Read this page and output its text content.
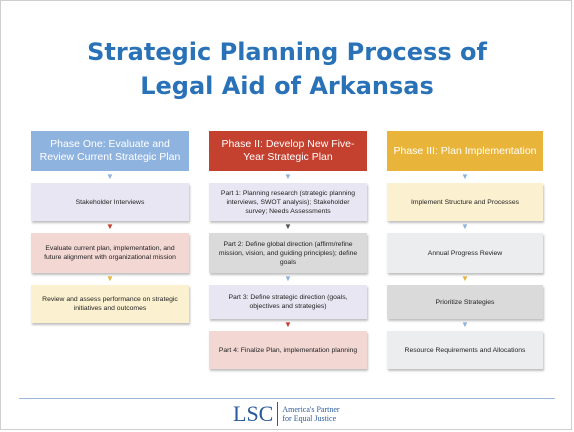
Strategic Planning Process of
Legal Aid of Arkansas
Phase One: Evaluate and Review Current Strategic Plan
▼
Stakeholder Interviews
▼
Evaluate current plan, implementation, and future alignment with organizational mission
▼
Review and assess performance on strategic initiatives and outcomes
Phase II: Develop New Five-Year Strategic Plan
▼
Part 1: Planning research (strategic planning interviews, SWOT analysis); Stakeholder survey; Needs Assessments
▼
Part 2: Define global direction (affirm/refine mission, vision, and guiding principles); define goals
▼
Part 3: Define strategic direction (goals, objectives and strategies)
▼
Part 4: Finalize Plan, implementation planning
Phase III: Plan Implementation
▼
Implement Structure and Processes
▼
Annual Progress Review
▼
Prioritize Strategies
▼
Resource Requirements and Allocations
LSC	America's Partner
for Equal Justice
